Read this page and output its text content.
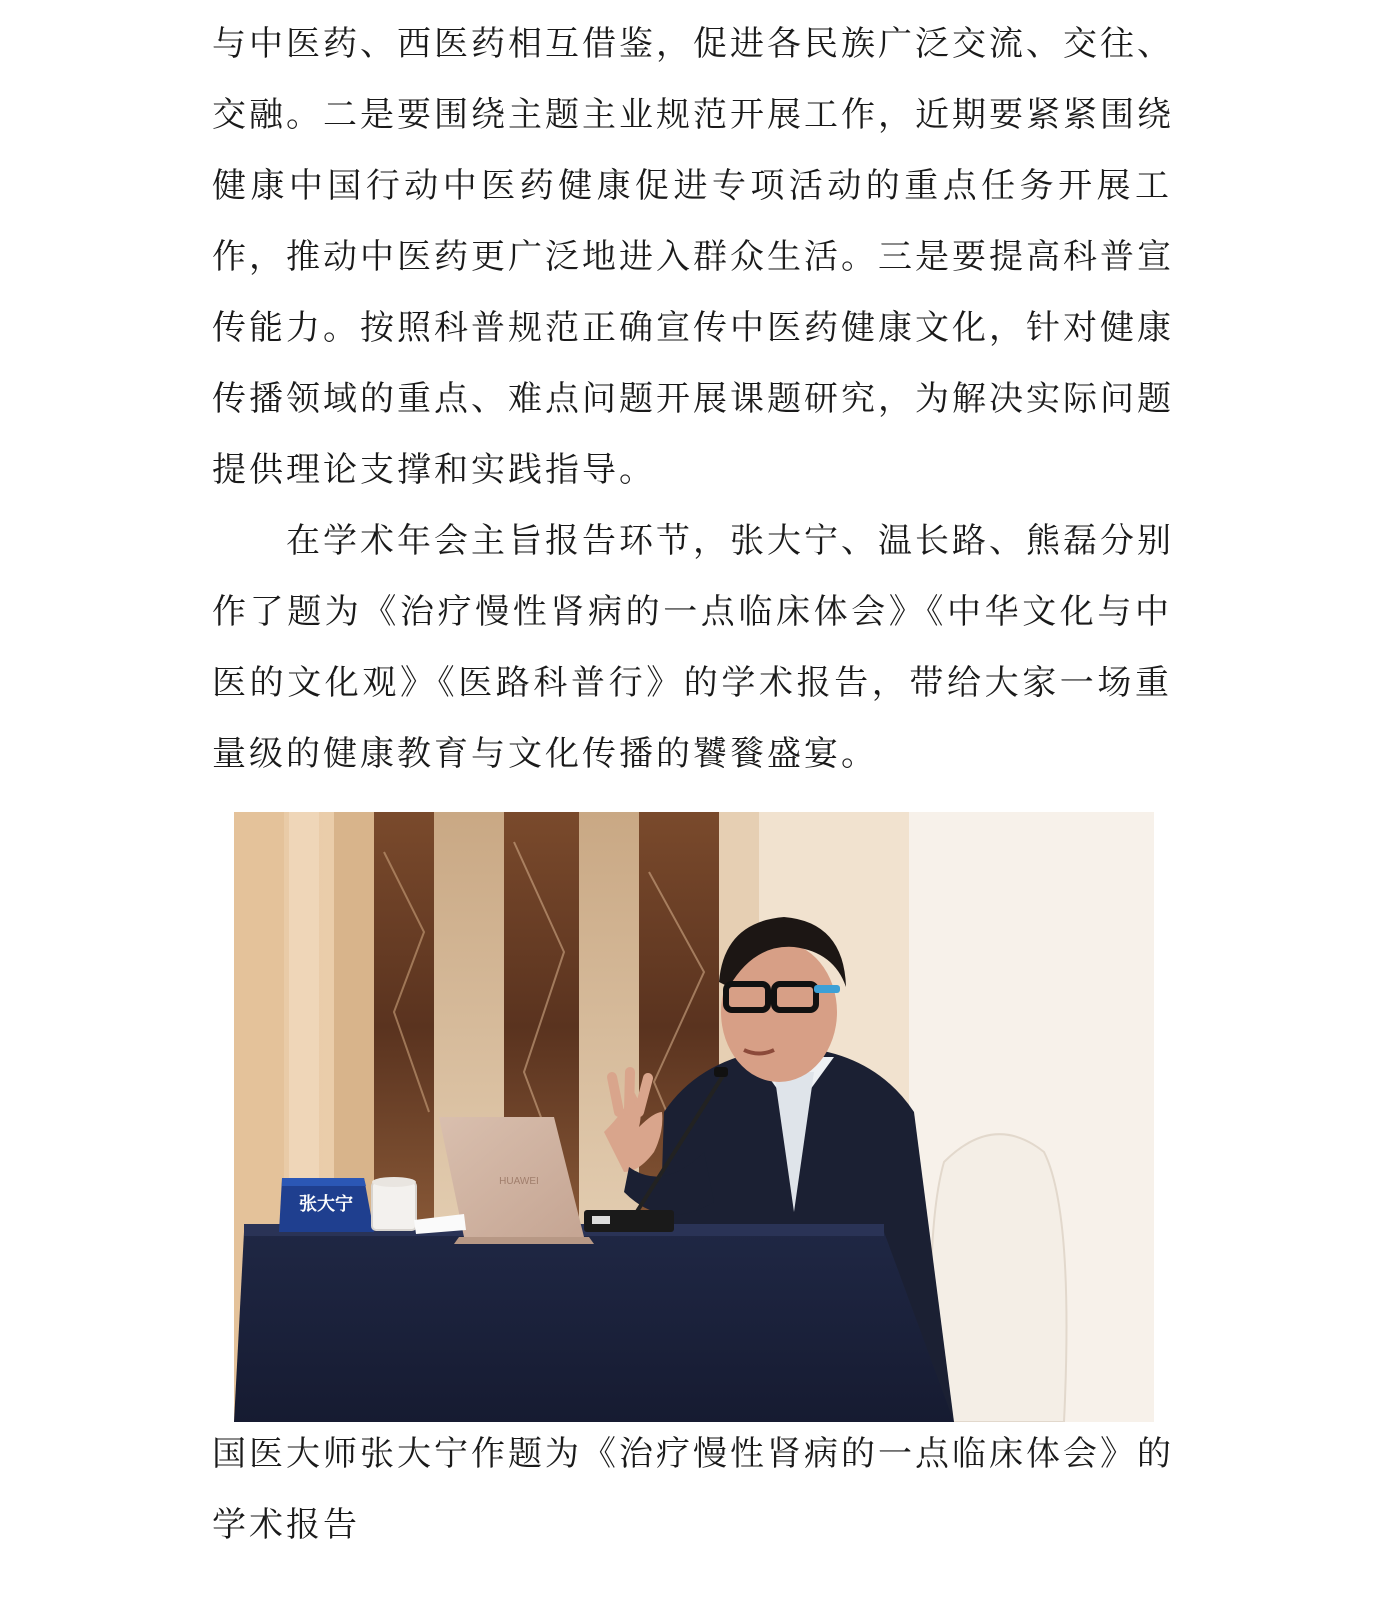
与中医药、西医药相互借鉴，促进各民族广泛交流、交往、
交融。二是要围绕主题主业规范开展工作，近期要紧紧围绕
健康中国行动中医药健康促进专项活动的重点任务开展工
作，推动中医药更广泛地进入群众生活。三是要提高科普宣
传能力。按照科普规范正确宣传中医药健康文化，针对健康
传播领域的重点、难点问题开展课题研究，为解决实际问题
提供理论支撑和实践指导。
在学术年会主旨报告环节，张大宁、温长路、熊磊分别
作了题为《治疗慢性肾病的一点临床体会》《中华文化与中
医的文化观》《医路科普行》的学术报告，带给大家一场重
量级的健康教育与文化传播的饕餮盛宴。
HUAWEI
张大宁
国医大师张大宁作题为《治疗慢性肾病的一点临床体会》的
学术报告
